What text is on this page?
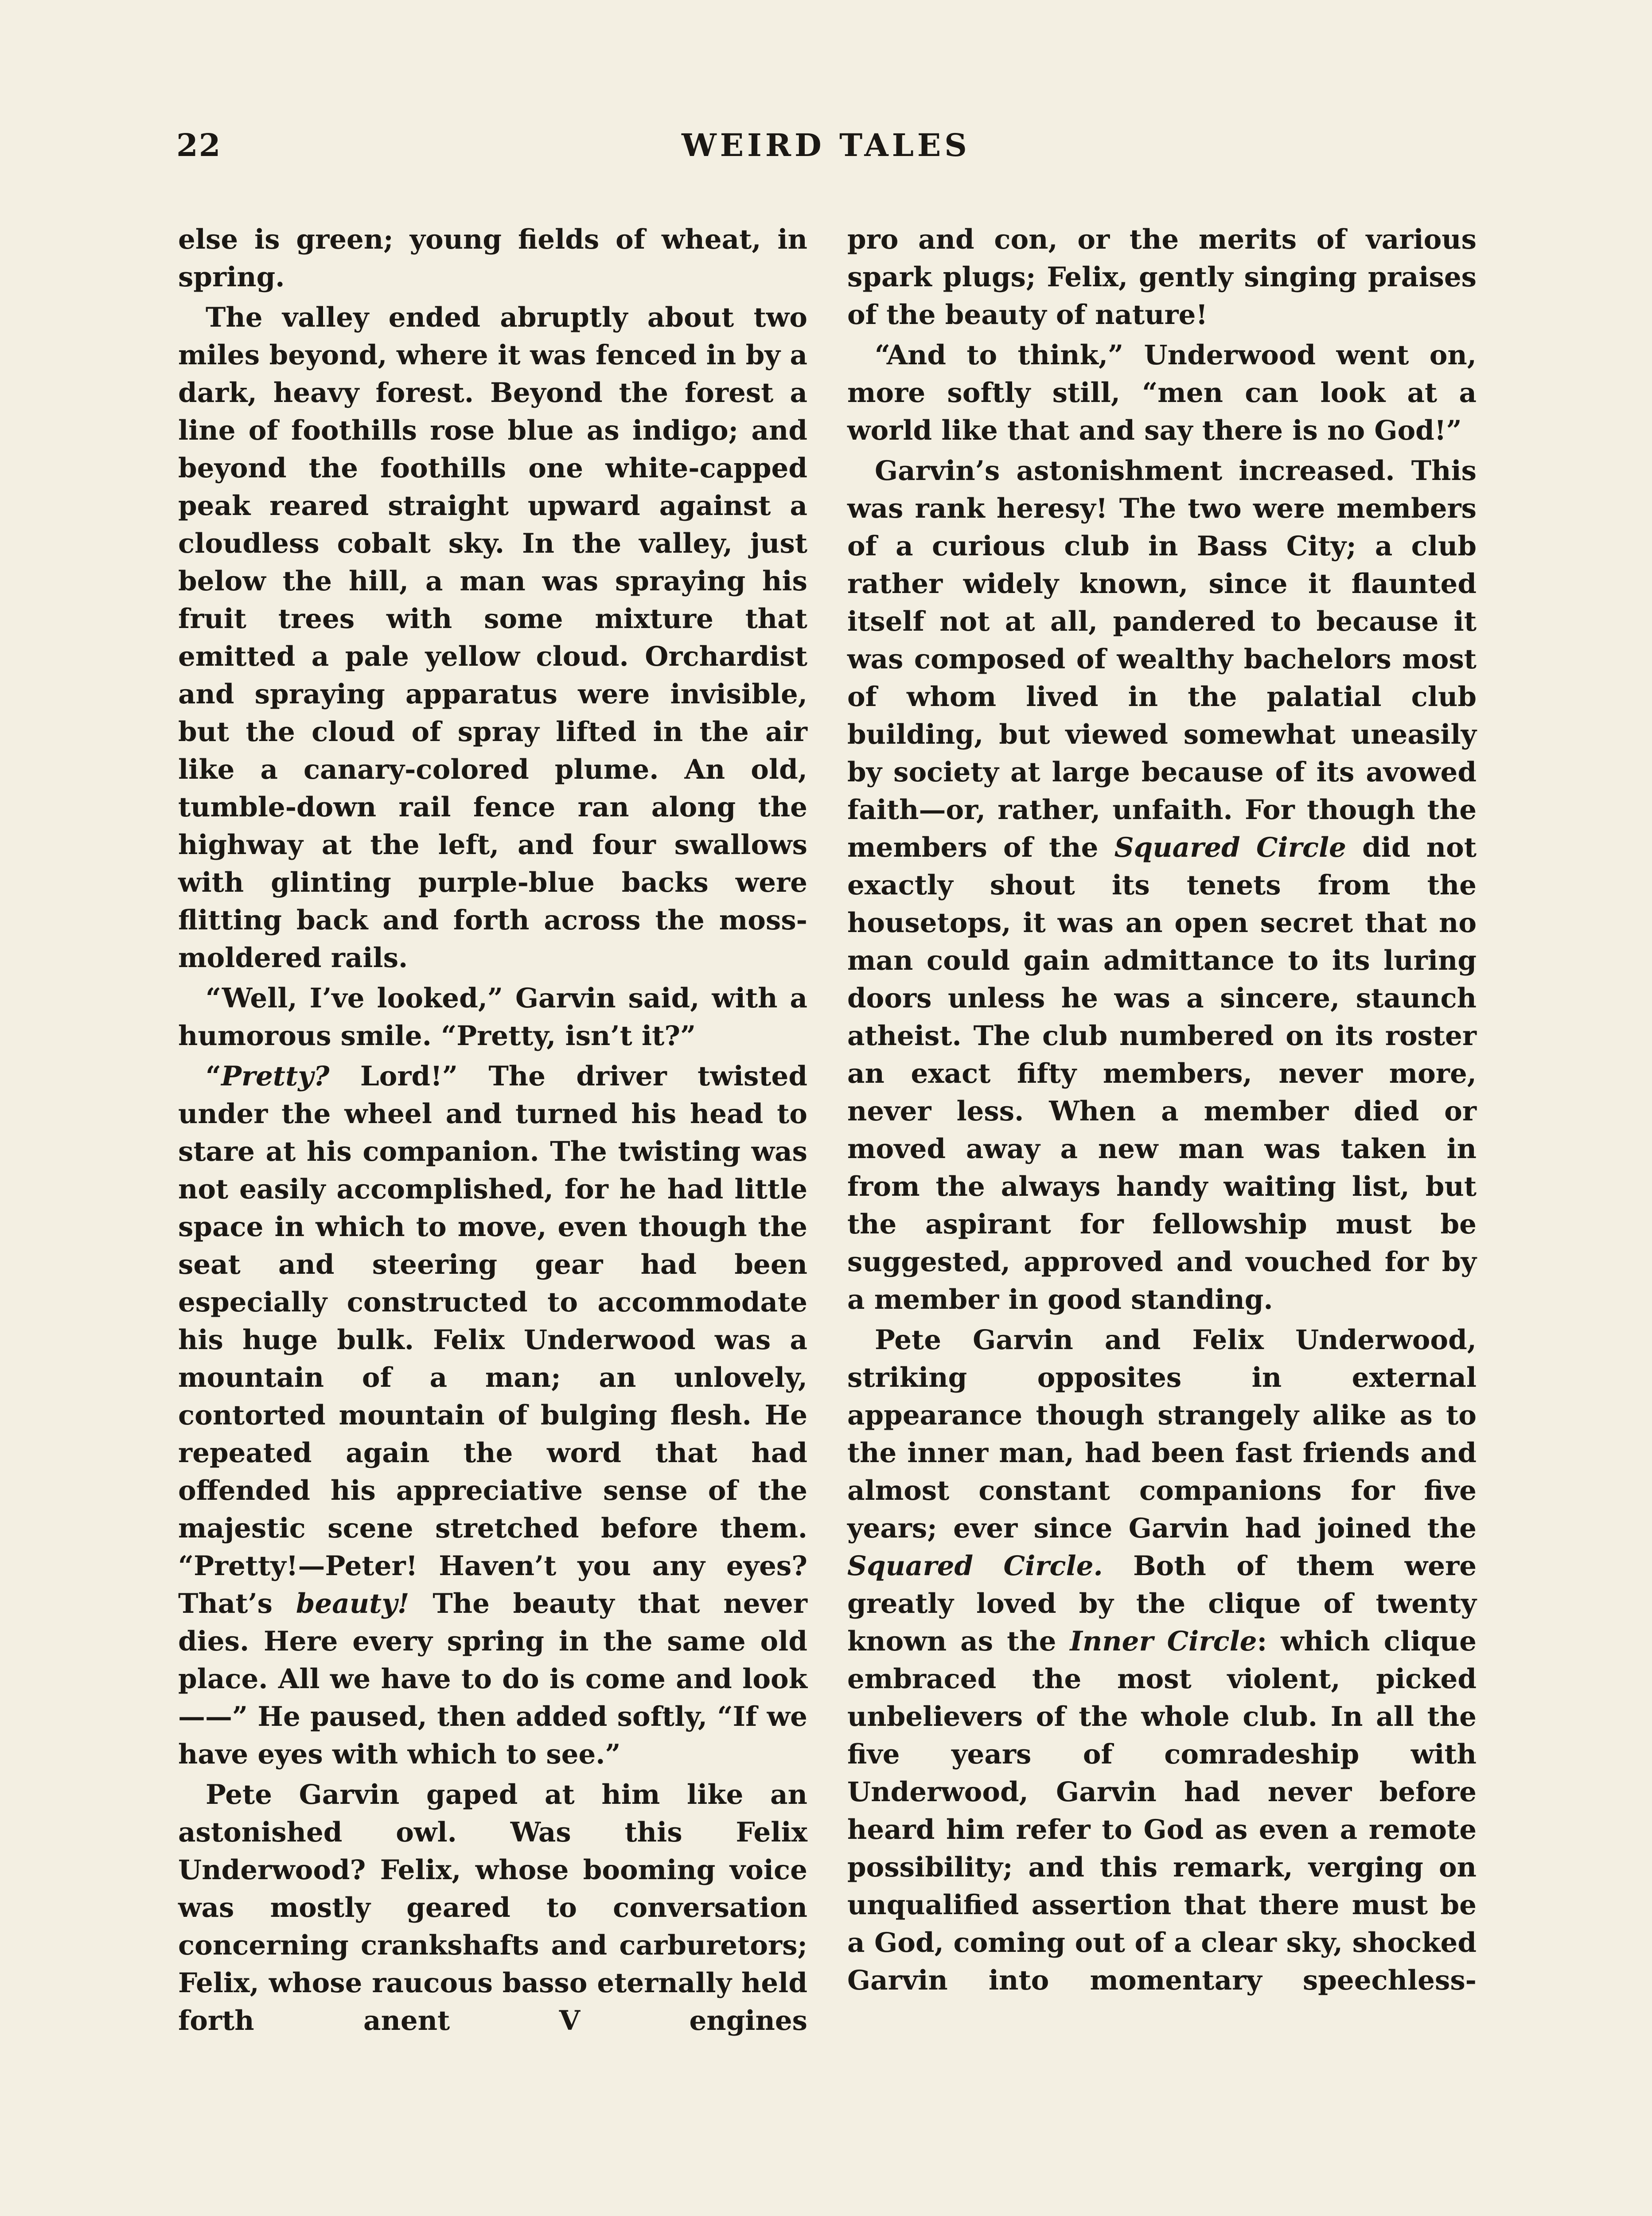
22	WEIRD TALES

else is green; young fields of wheat, in spring.

The valley ended abruptly about two miles beyond, where it was fenced in by a dark, heavy forest. Beyond the forest a line of foothills rose blue as indigo; and beyond the foothills one white-capped peak reared straight upward against a cloudless cobalt sky. In the valley, just below the hill, a man was spraying his fruit trees with some mixture that emitted a pale yellow cloud. Orchardist and spraying apparatus were invisible, but the cloud of spray lifted in the air like a canary-colored plume. An old, tumble-down rail fence ran along the highway at the left, and four swallows with glinting purple-blue backs were flitting back and forth across the moss-moldered rails.

“Well, I’ve looked,” Garvin said, with a humorous smile. “Pretty, isn’t it?”

“Pretty? Lord!” The driver twisted under the wheel and turned his head to stare at his companion. The twisting was not easily accomplished, for he had little space in which to move, even though the seat and steering gear had been especially constructed to accommodate his huge bulk. Felix Underwood was a mountain of a man; an unlovely, contorted mountain of bulging flesh. He repeated again the word that had offended his appreciative sense of the majestic scene stretched before them. “Pretty!—Peter! Haven’t you any eyes? That’s beauty! The beauty that never dies. Here every spring in the same old place. All we have to do is come and look——” He paused, then added softly, “If we have eyes with which to see.”

Pete Garvin gaped at him like an astonished owl. Was this Felix Underwood? Felix, whose booming voice was mostly geared to conversation concerning crankshafts and carburetors; Felix, whose raucous basso eternally held forth anent V engines

pro and con, or the merits of various spark plugs; Felix, gently singing praises of the beauty of nature!

“And to think,” Underwood went on, more softly still, “men can look at a world like that and say there is no God!”

Garvin’s astonishment increased. This was rank heresy! The two were members of a curious club in Bass City; a club rather widely known, since it flaunted itself not at all, pandered to because it was composed of wealthy bachelors most of whom lived in the palatial club building, but viewed somewhat uneasily by society at large because of its avowed faith—or, rather, unfaith. For though the members of the Squared Circle did not exactly shout its tenets from the housetops, it was an open secret that no man could gain admittance to its luring doors unless he was a sincere, staunch atheist. The club numbered on its roster an exact fifty members, never more, never less. When a member died or moved away a new man was taken in from the always handy waiting list, but the aspirant for fellowship must be suggested, approved and vouched for by a member in good standing.

Pete Garvin and Felix Underwood, striking opposites in external appearance though strangely alike as to the inner man, had been fast friends and almost constant companions for five years; ever since Garvin had joined the Squared Circle. Both of them were greatly loved by the clique of twenty known as the Inner Circle: which clique embraced the most violent, picked unbelievers of the whole club. In all the five years of comradeship with Underwood, Garvin had never before heard him refer to God as even a remote possibility; and this remark, verging on unqualified assertion that there must be a God, coming out of a clear sky, shocked Garvin into momentary speechless-
